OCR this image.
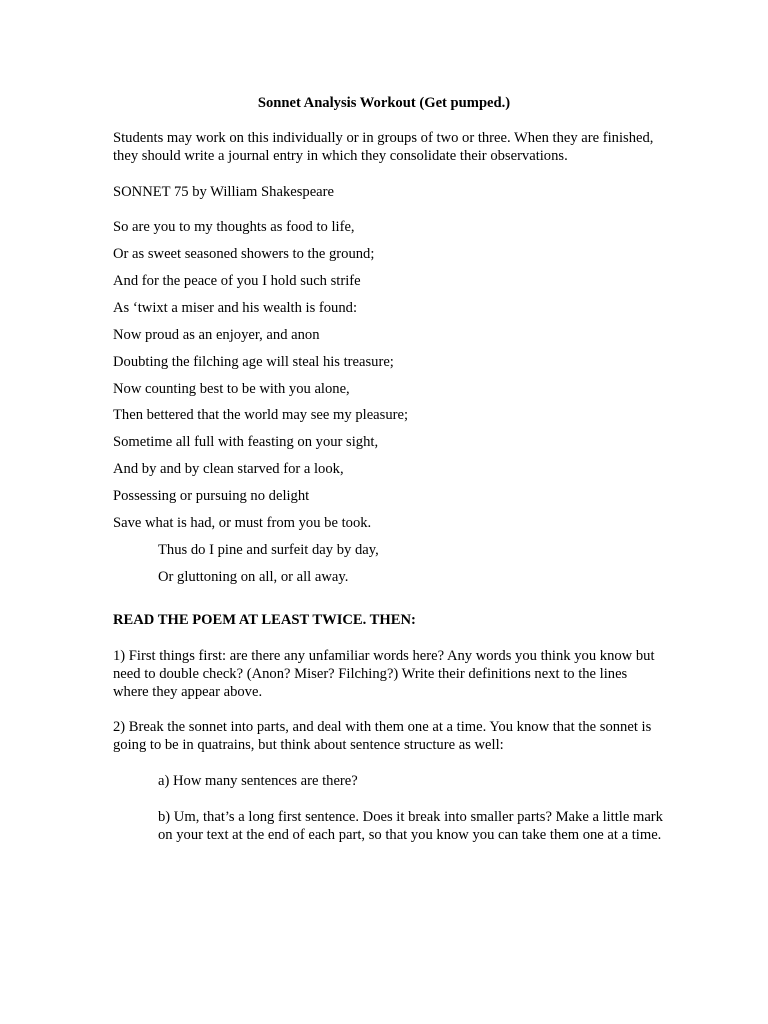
Sonnet Analysis Workout (Get pumped.)
Students may work on this individually or in groups of two or three. When they are finished, they should write a journal entry in which they consolidate their observations.
SONNET 75 by William Shakespeare
So are you to my thoughts as food to life,
Or as sweet seasoned showers to the ground;
And for the peace of you I hold such strife
As ‘twixt a miser and his wealth is found:
Now proud as an enjoyer, and anon
Doubting the filching age will steal his treasure;
Now counting best to be with you alone,
Then bettered that the world may see my pleasure;
Sometime all full with feasting on your sight,
And by and by clean starved for a look,
Possessing or pursuing no delight
Save what is had, or must from you be took.
Thus do I pine and surfeit day by day,
Or gluttoning on all, or all away.
READ THE POEM AT LEAST TWICE. THEN:
1) First things first: are there any unfamiliar words here? Any words you think you know but need to double check? (Anon? Miser? Filching?) Write their definitions next to the lines where they appear above.
2) Break the sonnet into parts, and deal with them one at a time. You know that the sonnet is going to be in quatrains, but think about sentence structure as well:
a) How many sentences are there?
b) Um, that’s a long first sentence. Does it break into smaller parts? Make a little mark on your text at the end of each part, so that you know you can take them one at a time.
